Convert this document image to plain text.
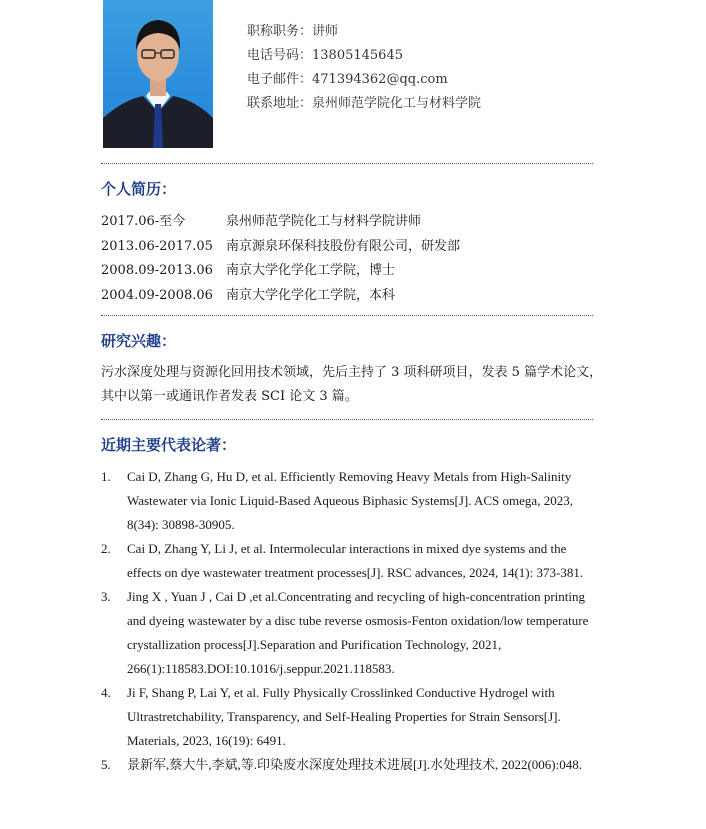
职称职务：讲师
电话号码：13805145645
电子邮件：471394362@qq.com
联系地址：泉州师范学院化工与材料学院
个人简历：
2017.06-至今	泉州师范学院化工与材料学院讲师
2013.06-2017.05	南京源泉环保科技股份有限公司，研发部
2008.09-2013.06	南京大学化学化工学院，博士
2004.09-2008.06	南京大学化学化工学院，本科
研究兴趣：
污水深度处理与资源化回用技术领域，先后主持了 3 项科研项目，发表 5 篇学术论文，其中以第一或通讯作者发表 SCI 论文 3 篇。
近期主要代表论著：
1.	Cai D, Zhang G, Hu D, et al. Efficiently Removing Heavy Metals from High-Salinity Wastewater via Ionic Liquid-Based Aqueous Biphasic Systems[J]. ACS omega, 2023, 8(34): 30898-30905.
2.	Cai D, Zhang Y, Li J, et al. Intermolecular interactions in mixed dye systems and the effects on dye wastewater treatment processes[J]. RSC advances, 2024, 14(1): 373-381.
3.	Jing X , Yuan J , Cai D ,et al.Concentrating and recycling of high-concentration printing and dyeing wastewater by a disc tube reverse osmosis-Fenton oxidation/low temperature crystallization process[J].Separation and Purification Technology, 2021, 266(1):118583.DOI:10.1016/j.seppur.2021.118583.
4.	Ji F, Shang P, Lai Y, et al. Fully Physically Crosslinked Conductive Hydrogel with Ultrastretchability, Transparency, and Self-Healing Properties for Strain Sensors[J]. Materials, 2023, 16(19): 6491.
5.	景新军,蔡大牛,李斌,等.印染废水深度处理技术进展[J].水处理技术, 2022(006):048.
